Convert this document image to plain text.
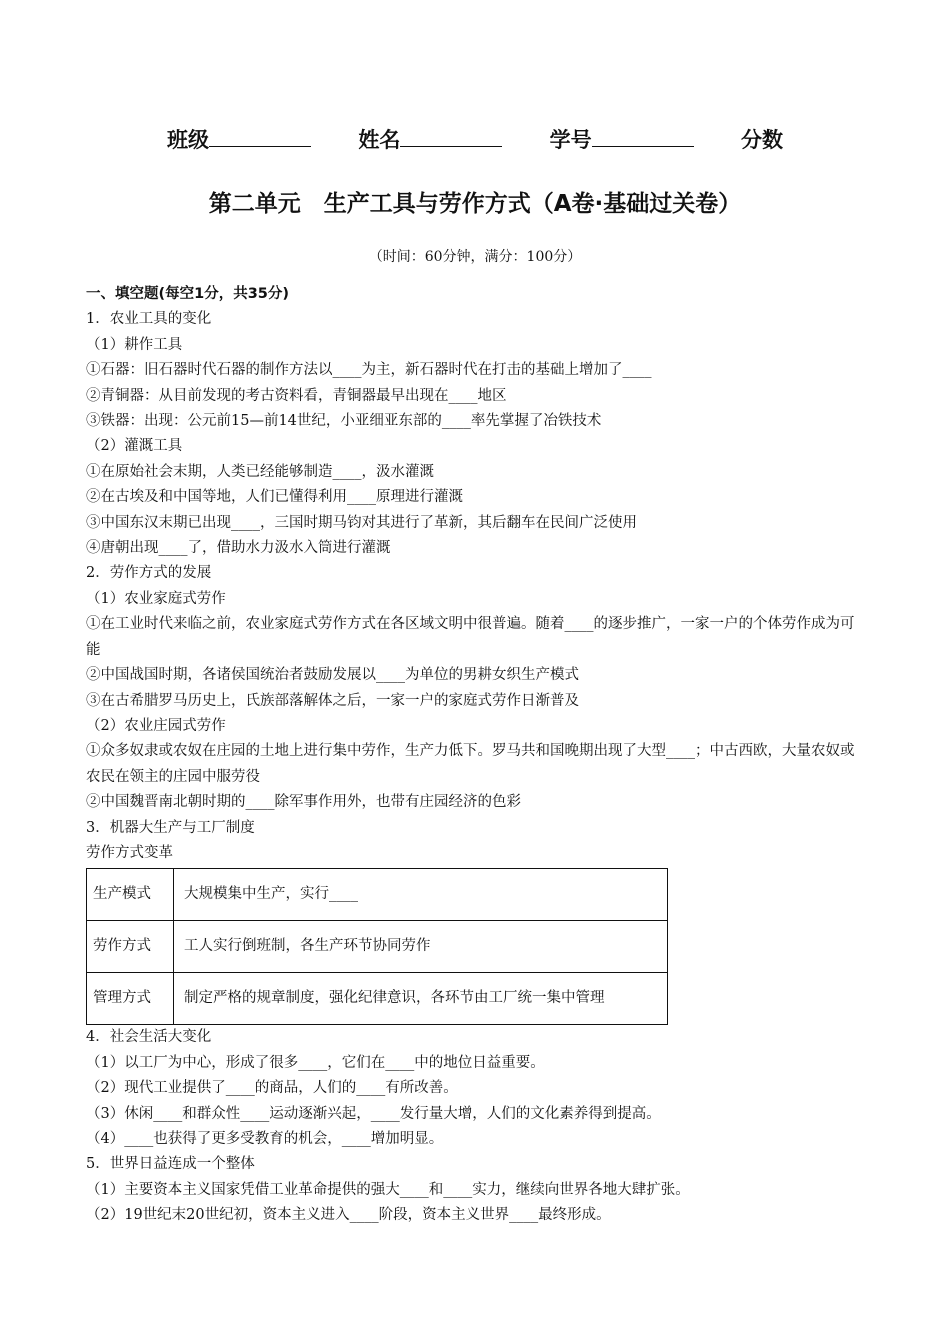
班级	姓名	学号	分数
第二单元　生产工具与劳作方式（A卷·基础过关卷）
（时间：60分钟，满分：100分）

一、填空题(每空1分，共35分)

1．农业工具的变化

（1）耕作工具

①石器：旧石器时代石器的制作方法以____为主，新石器时代在打击的基础上增加了____

②青铜器：从目前发现的考古资料看，青铜器最早出现在____地区

③铁器：出现：公元前15—前14世纪，小亚细亚东部的____率先掌握了冶铁技术

（2）灌溉工具

①在原始社会末期，人类已经能够制造____，汲水灌溉

②在古埃及和中国等地，人们已懂得利用____原理进行灌溉

③中国东汉末期已出现____，三国时期马钧对其进行了革新，其后翻车在民间广泛使用

④唐朝出现____了，借助水力汲水入筒进行灌溉

2．劳作方式的发展

（1）农业家庭式劳作

①在工业时代来临之前，农业家庭式劳作方式在各区域文明中很普遍。随着____的逐步推广，一家一户的个体劳作成为可能

②中国战国时期，各诸侯国统治者鼓励发展以____为单位的男耕女织生产模式

③在古希腊罗马历史上，氏族部落解体之后，一家一户的家庭式劳作日渐普及

（2）农业庄园式劳作

①众多奴隶或农奴在庄园的土地上进行集中劳作，生产力低下。罗马共和国晚期出现了大型____；中古西欧，大量农奴或农民在领主的庄园中服劳役

②中国魏晋南北朝时期的____除军事作用外，也带有庄园经济的色彩

3．机器大生产与工厂制度

劳作方式变革

生产模式	大规模集中生产，实行____
劳作方式	工人实行倒班制，各生产环节协同劳作
管理方式	制定严格的规章制度，强化纪律意识，各环节由工厂统一集中管理

4．社会生活大变化

（1）以工厂为中心，形成了很多____，它们在____中的地位日益重要。

（2）现代工业提供了____的商品，人们的____有所改善。

（3）休闲____和群众性____运动逐渐兴起，____发行量大增，人们的文化素养得到提高。

（4）____也获得了更多受教育的机会，____增加明显。

5．世界日益连成一个整体

（1）主要资本主义国家凭借工业革命提供的强大____和____实力，继续向世界各地大肆扩张。

（2）19世纪末20世纪初，资本主义进入____阶段，资本主义世界____最终形成。
